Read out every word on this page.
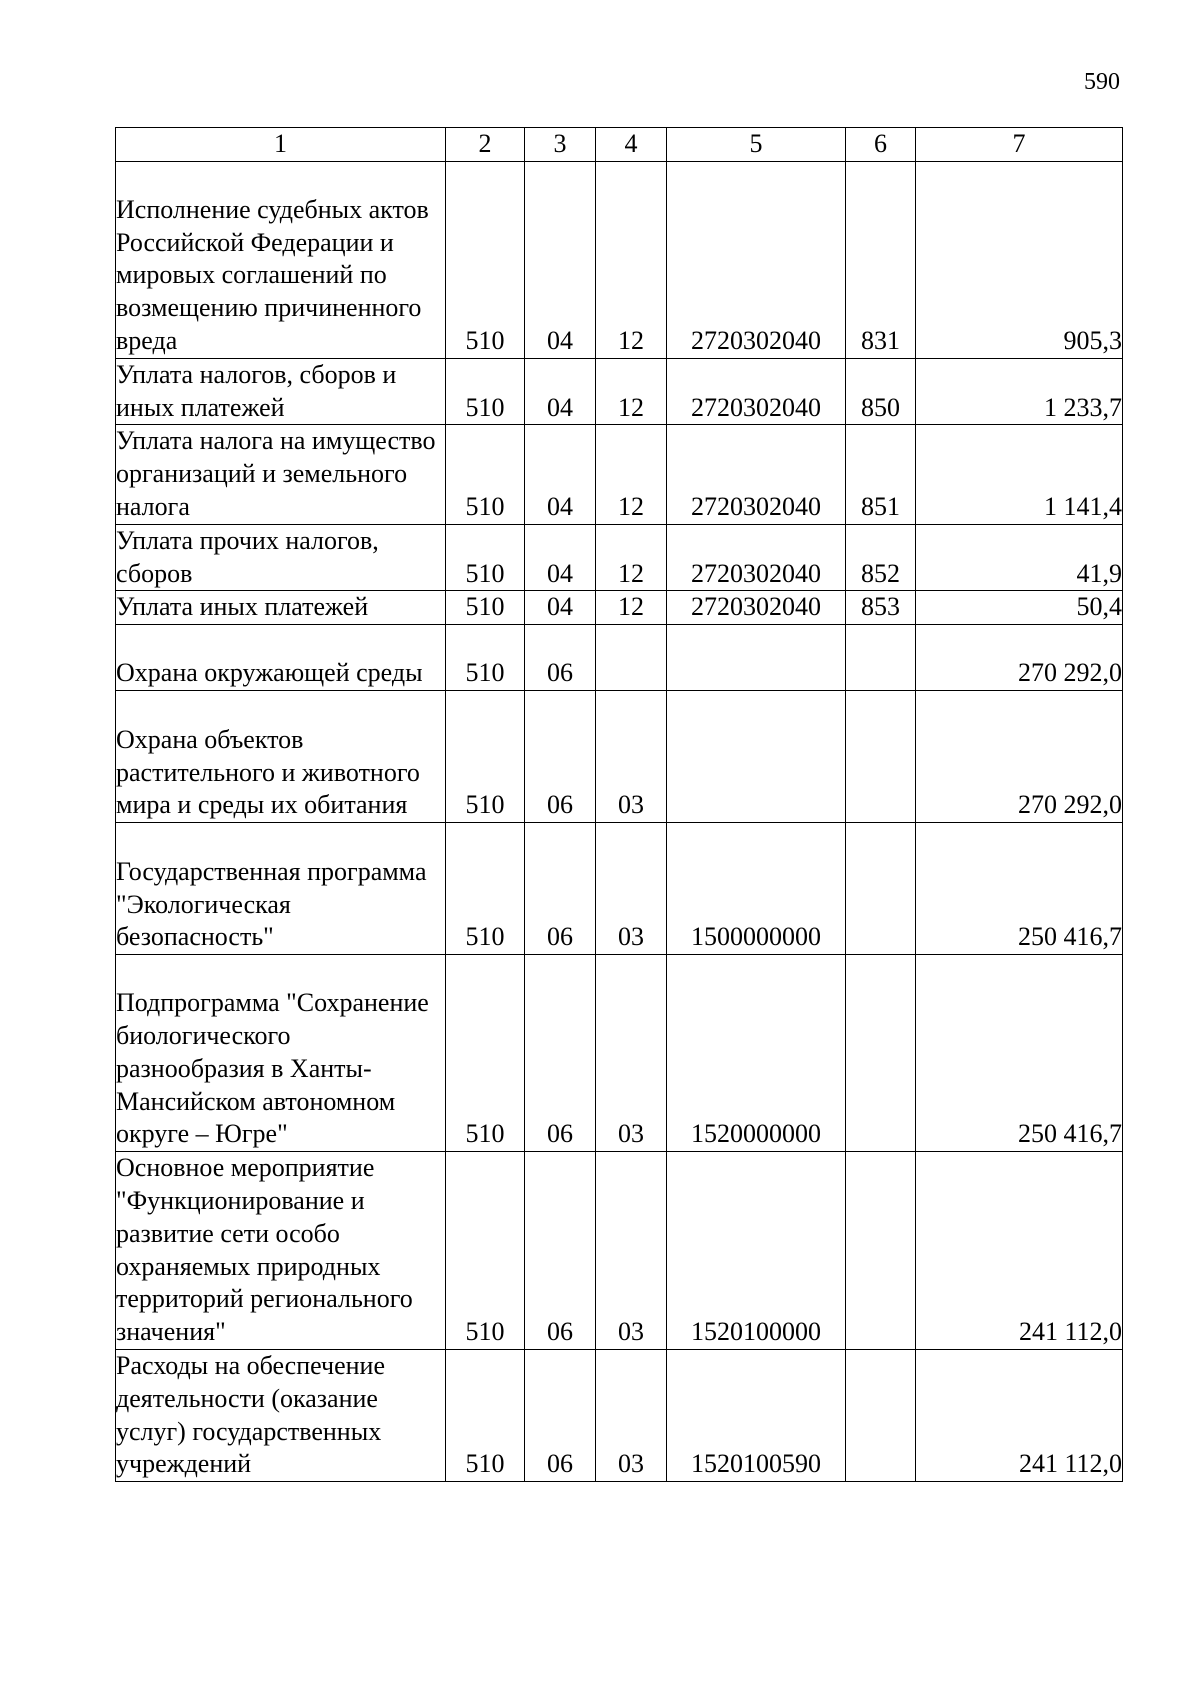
590
1	2	3	4	5	6	7
Исполнение судебных актов Российской Федерации и мировых соглашений по возмещению причиненного вреда	510	04	12	2720302040	831	905,3
Уплата налогов, сборов и иных платежей	510	04	12	2720302040	850	1 233,7
Уплата налога на имущество организаций и земельного налога	510	04	12	2720302040	851	1 141,4
Уплата прочих налогов, сборов	510	04	12	2720302040	852	41,9
Уплата иных платежей	510	04	12	2720302040	853	50,4
Охрана окружающей среды	510	06				270 292,0
Охрана объектов растительного и животного мира и среды их обитания	510	06	03			270 292,0
Государственная программа "Экологическая безопасность"	510	06	03	1500000000		250 416,7
Подпрограмма "Сохранение биологического разнообразия в Ханты-Мансийском автономном округе – Югре"	510	06	03	1520000000		250 416,7
Основное мероприятие "Функционирование и развитие сети особо охраняемых природных территорий регионального значения"	510	06	03	1520100000		241 112,0
Расходы на обеспечение деятельности (оказание услуг) государственных учреждений	510	06	03	1520100590		241 112,0
